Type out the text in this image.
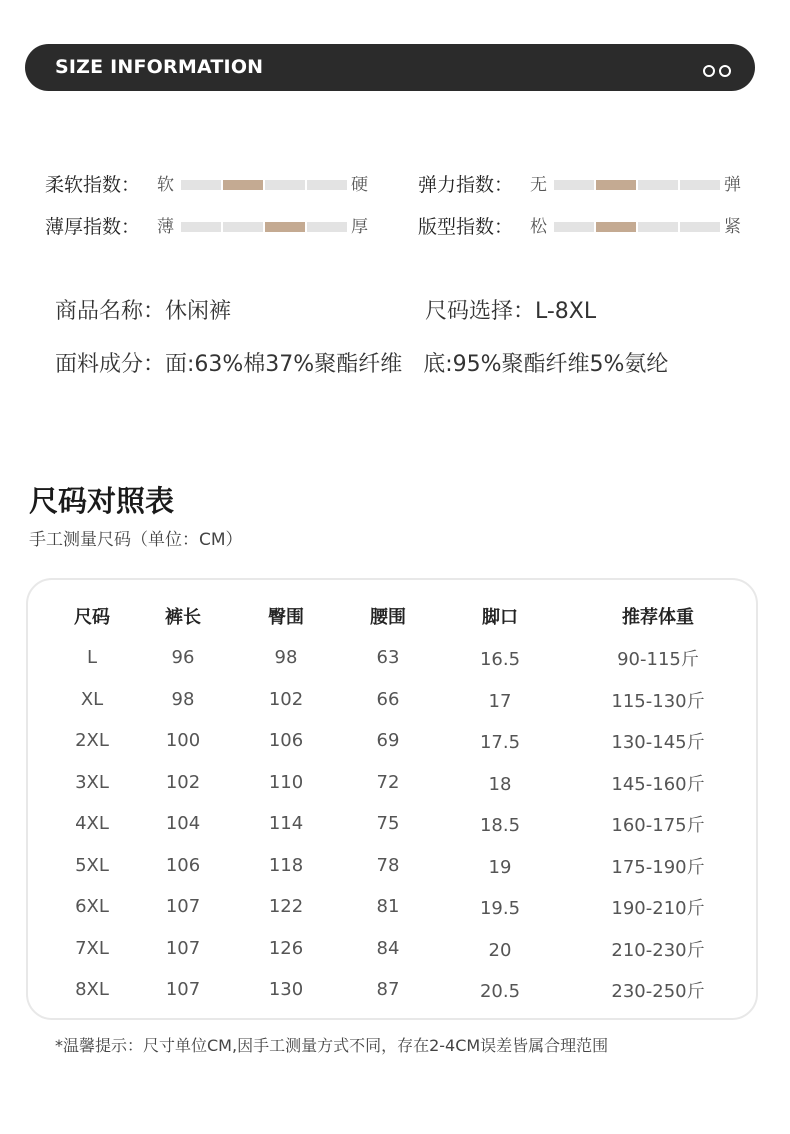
SIZE INFORMATION
柔软指数： 软	硬	弹力指数： 无	弹
薄厚指数： 薄	厚	版型指数： 松	紧
商品名称：休闲裤	尺码选择：L-8XL
面料成分：面:63%棉37%聚酯纤维   底:95%聚酯纤维5%氨纶
尺码对照表
手工测量尺码（单位：CM）
尺码	裤长	臀围	腰围	脚口	推荐体重
L	96	98	63	16.5	90-115斤
XL	98	102	66	17	115-130斤
2XL	100	106	69	17.5	130-145斤
3XL	102	110	72	18	145-160斤
4XL	104	114	75	18.5	160-175斤
5XL	106	118	78	19	175-190斤
6XL	107	122	81	19.5	190-210斤
7XL	107	126	84	20	210-230斤
8XL	107	130	87	20.5	230-250斤
*温馨提示：尺寸单位CM,因手工测量方式不同，存在2-4CM误差皆属合理范围
